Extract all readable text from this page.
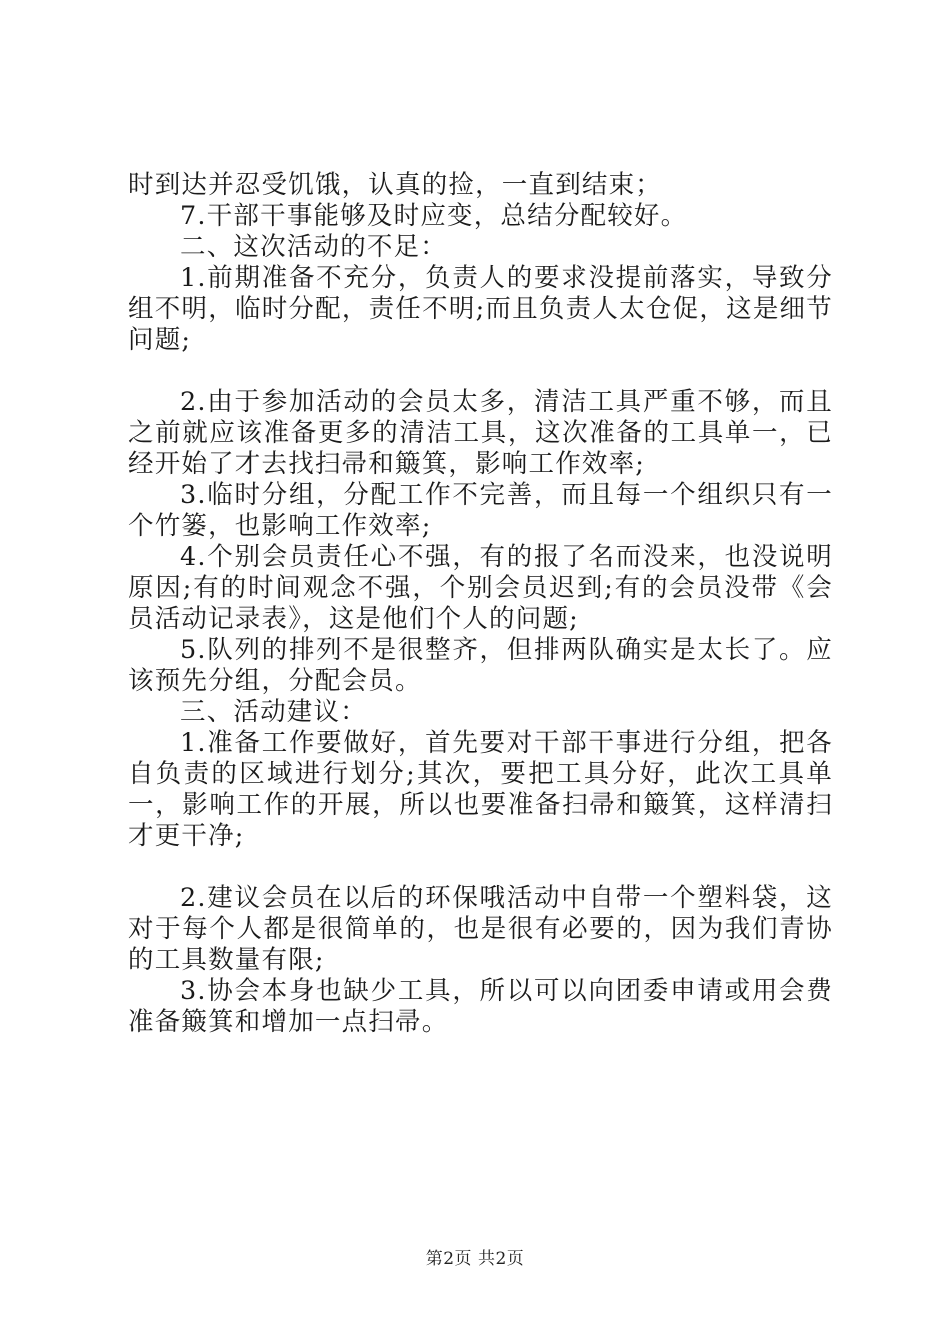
时到达并忍受饥饿，认真的捡，一直到结束；

7.干部干事能够及时应变，总结分配较好。

二、这次活动的不足：

1.前期准备不充分，负责人的要求没提前落实，导致分组不明，临时分配，责任不明;而且负责人太仓促，这是细节问题;

2.由于参加活动的会员太多，清洁工具严重不够，而且之前就应该准备更多的清洁工具，这次准备的工具单一，已经开始了才去找扫帚和簸箕，影响工作效率;

3.临时分组，分配工作不完善，而且每一个组织只有一个竹篓，也影响工作效率;

4.个别会员责任心不强，有的报了名而没来，也没说明原因;有的时间观念不强，个别会员迟到;有的会员没带《会员活动记录表》，这是他们个人的问题;

5.队列的排列不是很整齐，但排两队确实是太长了。应该预先分组，分配会员。

三、活动建议：

1.准备工作要做好，首先要对干部干事进行分组，把各自负责的区域进行划分;其次，要把工具分好，此次工具单一，影响工作的开展，所以也要准备扫帚和簸箕，这样清扫才更干净;

2.建议会员在以后的环保哦活动中自带一个塑料袋，这对于每个人都是很简单的，也是很有必要的，因为我们青协的工具数量有限;

3.协会本身也缺少工具，所以可以向团委申请或用会费准备簸箕和增加一点扫帚。

第2页 共2页
